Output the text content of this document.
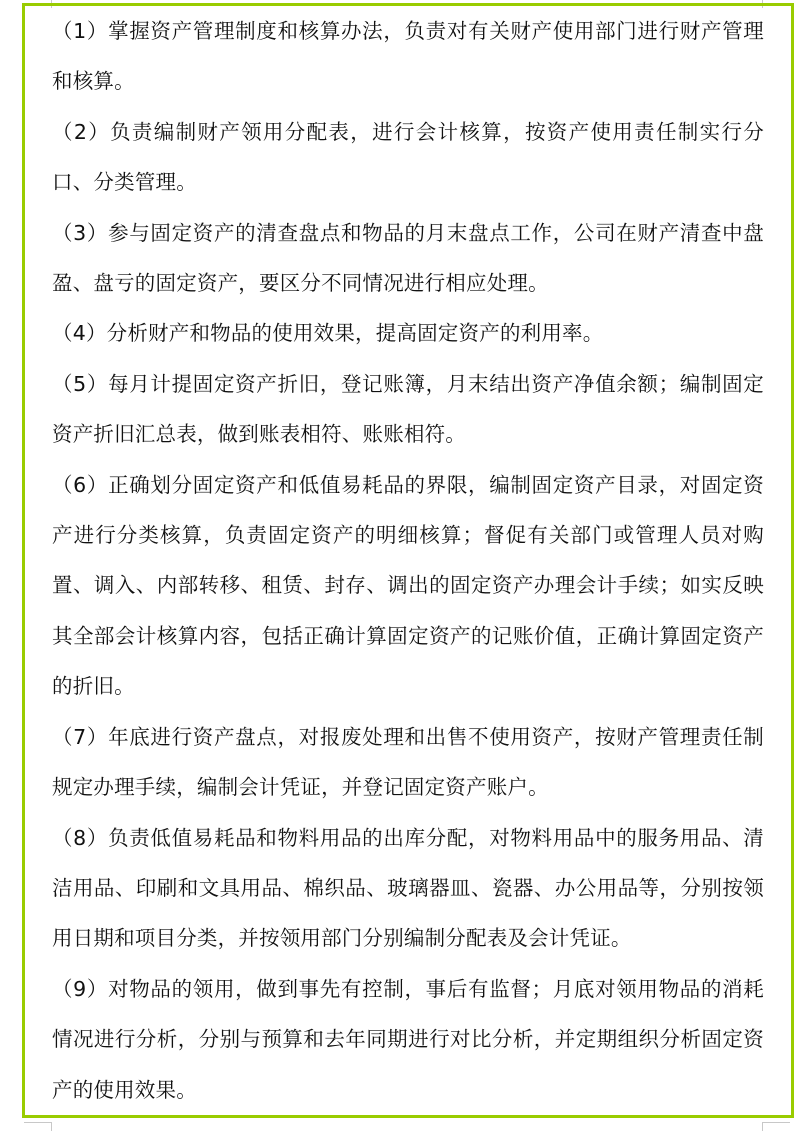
（1）掌握资产管理制度和核算办法，负责对有关财产使用部门进行财产管理和核算。

（2）负责编制财产领用分配表，进行会计核算，按资产使用责任制实行分口、分类管理。

（3）参与固定资产的清查盘点和物品的月末盘点工作，公司在财产清查中盘盈、盘亏的固定资产，要区分不同情况进行相应处理。

（4）分析财产和物品的使用效果，提高固定资产的利用率。

（5）每月计提固定资产折旧，登记账簿，月末结出资产净值余额；编制固定资产折旧汇总表，做到账表相符、账账相符。

（6）正确划分固定资产和低值易耗品的界限，编制固定资产目录，对固定资产进行分类核算，负责固定资产的明细核算；督促有关部门或管理人员对购置、调入、内部转移、租赁、封存、调出的固定资产办理会计手续；如实反映其全部会计核算内容，包括正确计算固定资产的记账价值，正确计算固定资产的折旧。

（7）年底进行资产盘点，对报废处理和出售不使用资产，按财产管理责任制规定办理手续，编制会计凭证，并登记固定资产账户。

（8）负责低值易耗品和物料用品的出库分配，对物料用品中的服务用品、清洁用品、印刷和文具用品、棉织品、玻璃器皿、瓷器、办公用品等，分别按领用日期和项目分类，并按领用部门分别编制分配表及会计凭证。

（9）对物品的领用，做到事先有控制，事后有监督；月底对领用物品的消耗情况进行分析，分别与预算和去年同期进行对比分析，并定期组织分析固定资产的使用效果。
